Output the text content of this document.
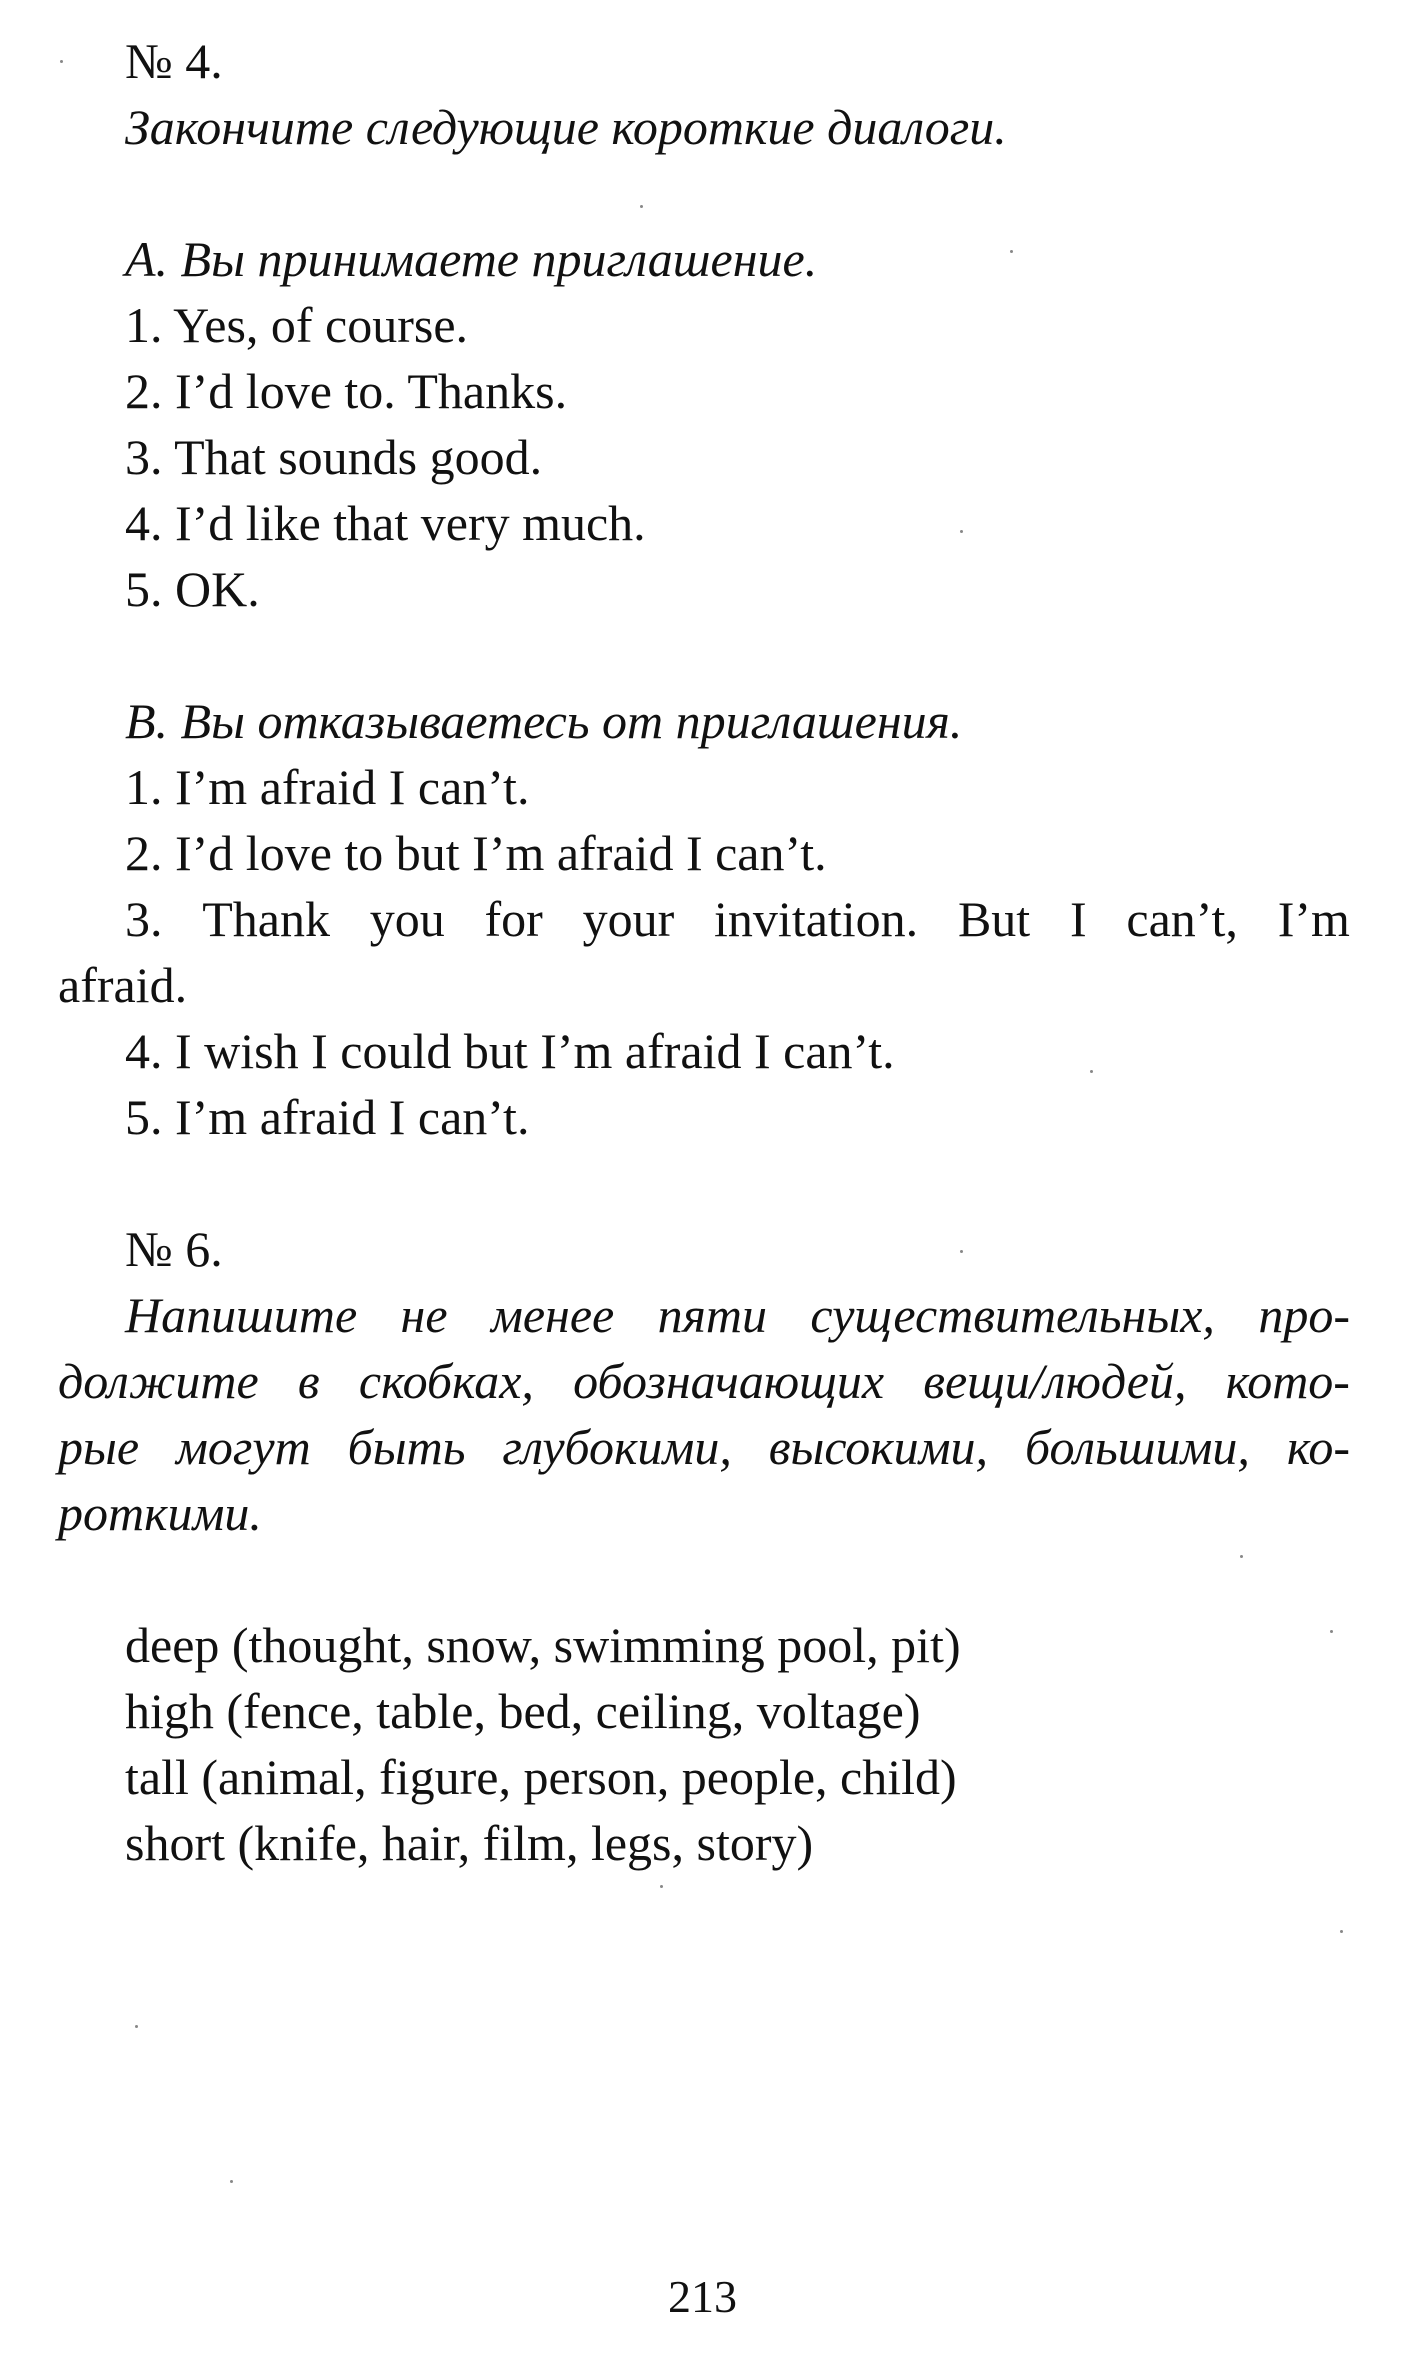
№ 4.

Закончите следующие короткие диалоги.

A. Вы принимаете приглашение.

1. Yes, of course.

2. I’d love to. Thanks.

3. That sounds good.

4. I’d like that very much.

5. OK.

B. Вы отказываетесь от приглашения.

1. I’m afraid I can’t.

2. I’d love to but I’m afraid I can’t.

3. Thank you for your invitation. But I can’t, I’m

afraid.

4. I wish I could but I’m afraid I can’t.

5. I’m afraid I can’t.

№ 6.

Напишите не менее пяти существительных, про-
должите в скобках, обозначающих вещи/людей, кото-
рые могут быть глубокими, высокими, большими, ко-

роткими.

deep (thought, snow, swimming pool, pit)

high (fence, table, bed, ceiling, voltage)

tall (animal, figure, person, people, child)

short (knife, hair, film, legs, story)

213
